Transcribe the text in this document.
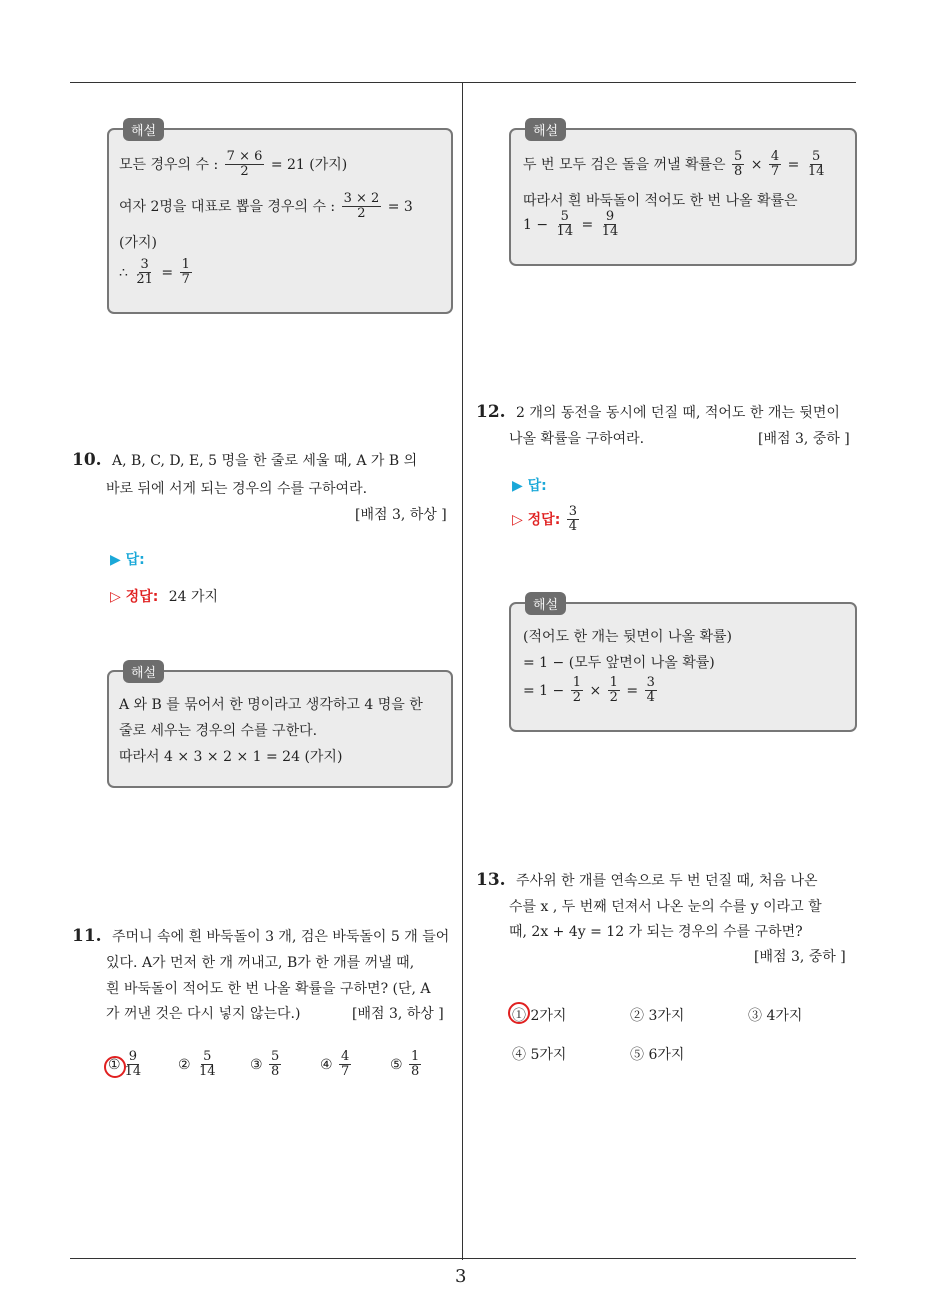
해설
모든 경우의 수 : $\frac{7 \times 6}{2} = 21$ (가지)
여자 2명을 대표로 뽑을 경우의 수 : $\frac{3 \times 2}{2} = 3$
(가지)
∴ $\frac{3}{21} = \frac{1}{7}$
해설
두 번 모두 검은 돌을 꺼낼 확률은 $\frac{5}{8} \times \frac{4}{7} = \frac{5}{14}$
따라서 흰 바둑돌이 적어도 한 번 나올 확률은
$1 - \frac{5}{14} = \frac{9}{14}$
10. A, B, C, D, E, 5 명을 한 줄로 세울 때, A 가 B 의
바로 뒤에 서게 되는 경우의 수를 구하여라.
[배점 3, 하상 ]
▶ 답:
▷ 정답: 24 가지
해설
A 와 B 를 묶어서 한 명이라고 생각하고 4 명을 한
줄로 세우는 경우의 수를 구한다.
따라서 4 × 3 × 2 × 1 = 24 (가지)
11. 주머니 속에 흰 바둑돌이 3 개, 검은 바둑돌이 5 개 들어
있다. A가 먼저 한 개 꺼내고, B가 한 개를 꺼낼 때,
흰 바둑돌이 적어도 한 번 나올 확률을 구하면? (단, A
가 꺼낸 것은 다시 넣지 않는다.)	[배점 3, 하상 ]
① $\frac{9}{14}$ ② $\frac{5}{14}$ ③ $\frac{5}{8}$	④ $\frac{4}{7}$	⑤ $\frac{1}{8}$
12. 2 개의 동전을 동시에 던질 때, 적어도 한 개는 뒷면이
나올 확률을 구하여라.	[배점 3, 중하 ]
▶ 답:
▷ 정답: $\frac{3}{4}$
해설
(적어도 한 개는 뒷면이 나올 확률)
= 1 − (모두 앞면이 나올 확률)
= $1 - \frac{1}{2} \times \frac{1}{2} = \frac{3}{4}$
13. 주사위 한 개를 연속으로 두 번 던질 때, 처음 나온
수를 x , 두 번째 던져서 나온 눈의 수를 y 이라고 할
때, 2x + 4y = 12 가 되는 경우의 수를 구하면?
[배점 3, 중하 ]
① 2가지	② 3가지	③ 4가지
④ 5가지	⑤ 6가지
3
